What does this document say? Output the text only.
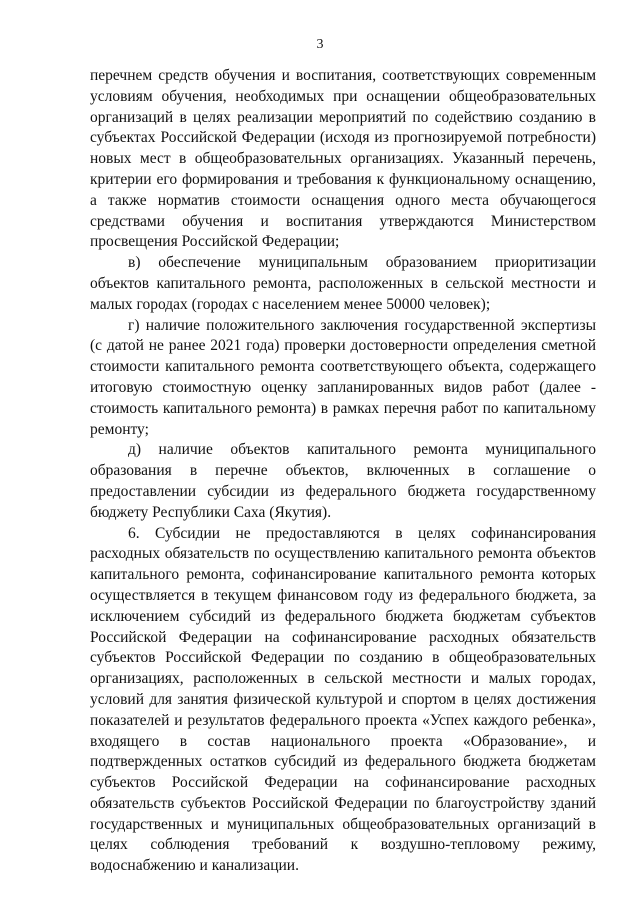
3

перечнем средств обучения и воспитания, соответствующих современным условиям обучения, необходимых при оснащении общеобразовательных организаций в целях реализации мероприятий по содействию созданию в субъектах Российской Федерации (исходя из прогнозируемой потребности) новых мест в общеобразовательных организациях. Указанный перечень, критерии его формирования и требования к функциональному оснащению, а также норматив стоимости оснащения одного места обучающегося средствами обучения и воспитания утверждаются Министерством просвещения Российской Федерации;

в) обеспечение муниципальным образованием приоритизации объектов капитального ремонта, расположенных в сельской местности и малых городах (городах с населением менее 50000 человек);

г) наличие положительного заключения государственной экспертизы (с датой не ранее 2021 года) проверки достоверности определения сметной стоимости капитального ремонта соответствующего объекта, содержащего итоговую стоимостную оценку запланированных видов работ (далее - стоимость капитального ремонта) в рамках перечня работ по капитальному ремонту;

д) наличие объектов капитального ремонта муниципального образования в перечне объектов, включенных в соглашение о предоставлении субсидии из федерального бюджета государственному бюджету Республики Саха (Якутия).

6. Субсидии не предоставляются в целях софинансирования расходных обязательств по осуществлению капитального ремонта объектов капитального ремонта, софинансирование капитального ремонта которых осуществляется в текущем финансовом году из федерального бюджета, за исключением субсидий из федерального бюджета бюджетам субъектов Российской Федерации на софинансирование расходных обязательств субъектов Российской Федерации по созданию в общеобразовательных организациях, расположенных в сельской местности и малых городах, условий для занятия физической культурой и спортом в целях достижения показателей и результатов федерального проекта «Успех каждого ребенка», входящего в состав национального проекта «Образование», и подтвержденных остатков субсидий из федерального бюджета бюджетам субъектов Российской Федерации на софинансирование расходных обязательств субъектов Российской Федерации по благоустройству зданий государственных и муниципальных общеобразовательных организаций в целях соблюдения требований к воздушно-тепловому режиму, водоснабжению и канализации.
